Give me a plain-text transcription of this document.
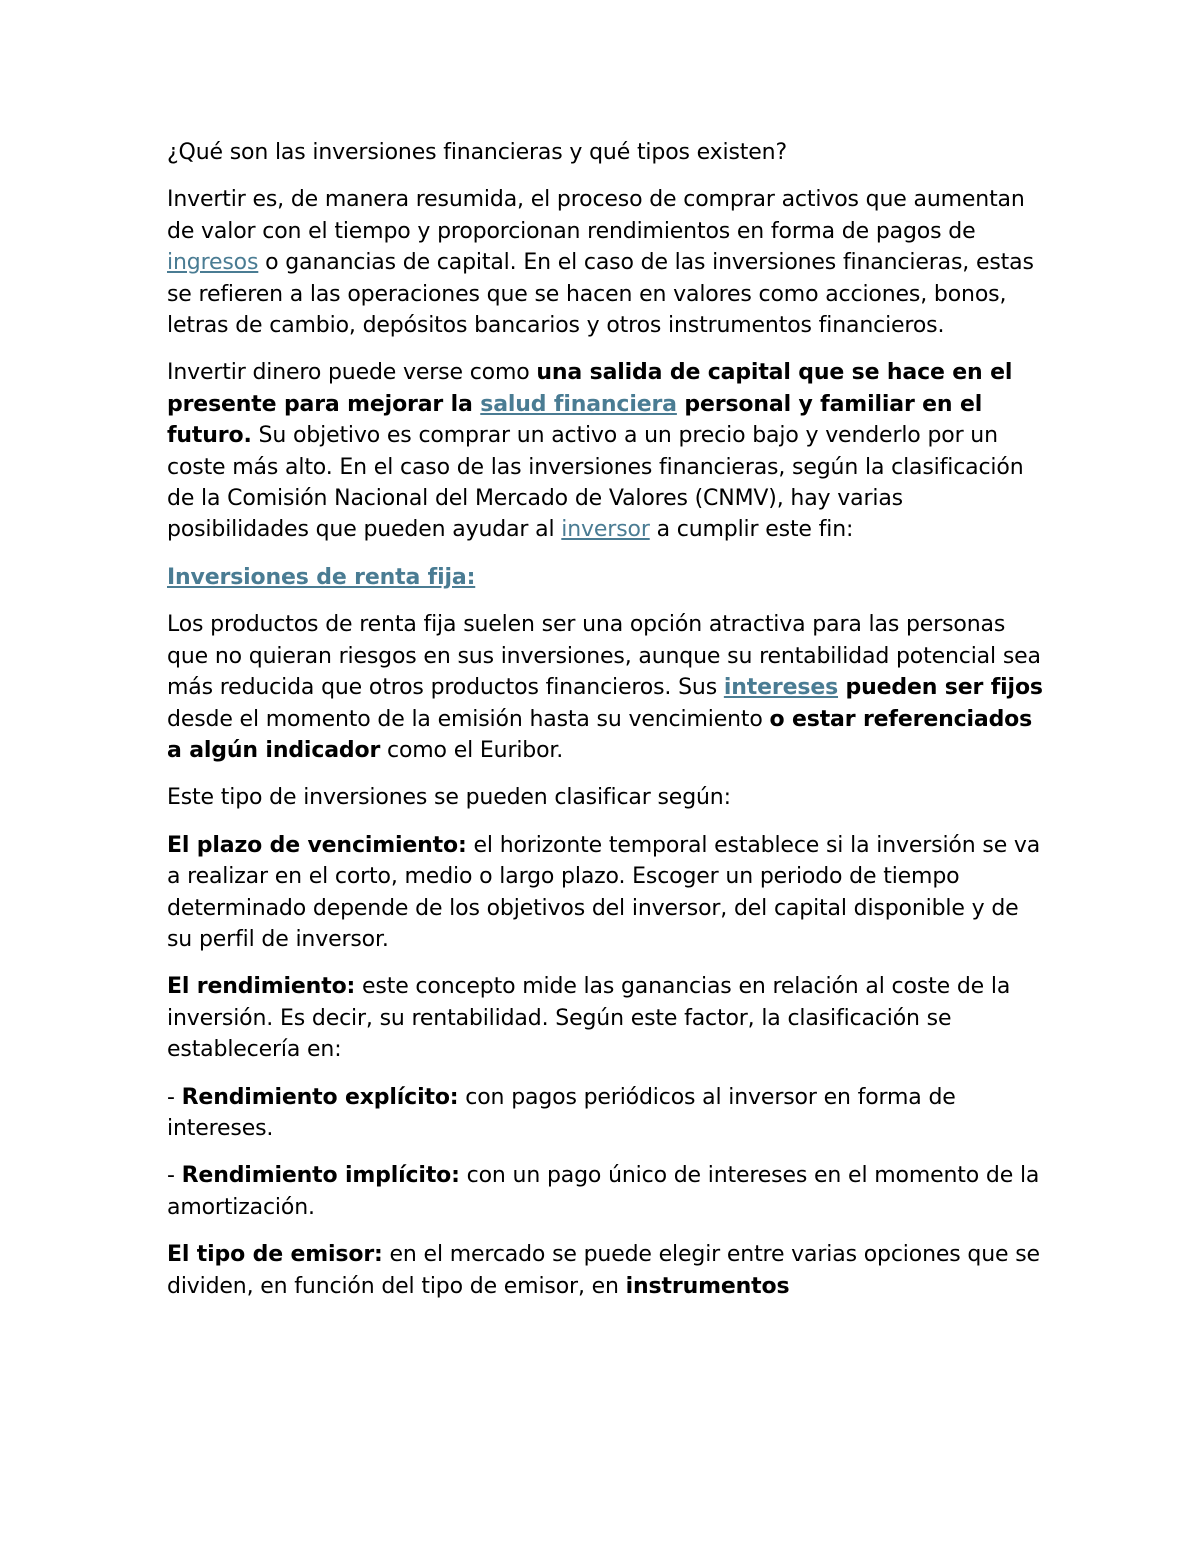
¿Qué son las inversiones financieras y qué tipos existen?

Invertir es, de manera resumida, el proceso de comprar activos que aumentan de valor con el tiempo y proporcionan rendimientos en forma de pagos de ingresos o ganancias de capital. En el caso de las inversiones financieras, estas se refieren a las operaciones que se hacen en valores como acciones, bonos, letras de cambio, depósitos bancarios y otros instrumentos financieros.

Invertir dinero puede verse como una salida de capital que se hace en el presente para mejorar la salud financiera personal y familiar en el futuro. Su objetivo es comprar un activo a un precio bajo y venderlo por un coste más alto. En el caso de las inversiones financieras, según la clasificación de la Comisión Nacional del Mercado de Valores (CNMV), hay varias posibilidades que pueden ayudar al inversor a cumplir este fin:

Inversiones de renta fija:

Los productos de renta fija suelen ser una opción atractiva para las personas que no quieran riesgos en sus inversiones, aunque su rentabilidad potencial sea más reducida que otros productos financieros. Sus intereses pueden ser fijos desde el momento de la emisión hasta su vencimiento o estar referenciados a algún indicador como el Euribor.

Este tipo de inversiones se pueden clasificar según:

El plazo de vencimiento: el horizonte temporal establece si la inversión se va a realizar en el corto, medio o largo plazo. Escoger un periodo de tiempo determinado depende de los objetivos del inversor, del capital disponible y de su perfil de inversor.

El rendimiento: este concepto mide las ganancias en relación al coste de la inversión. Es decir, su rentabilidad. Según este factor, la clasificación se establecería en:

- Rendimiento explícito: con pagos periódicos al inversor en forma de intereses.

- Rendimiento implícito: con un pago único de intereses en el momento de la amortización.

El tipo de emisor: en el mercado se puede elegir entre varias opciones que se dividen, en función del tipo de emisor, en instrumentos
